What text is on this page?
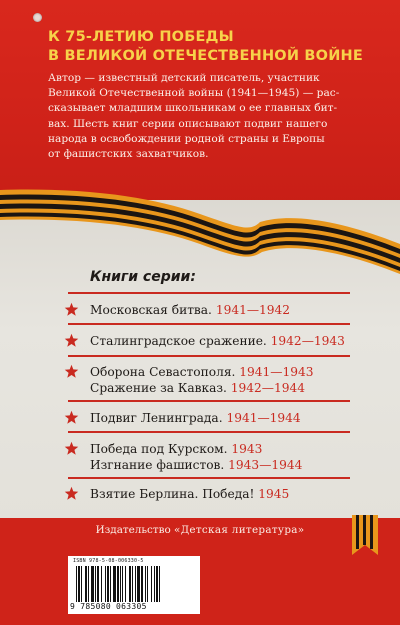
К 75-ЛЕТИЮ ПОБЕДЫ
В ВЕЛИКОЙ ОТЕЧЕСТВЕННОЙ ВОЙНЕ
Автор — известный детский писатель, участник
Великой Отечественной войны (1941—1945) — рас-
сказывает младшим школьникам о ее главных бит-
вах. Шесть книг серии описывают подвиг нашего
народа в освобождении родной страны и Европы
от фашистских захватчиков.
Книги серии:
Московская битва. 1941—1942
Сталинградское сражение. 1942—1943
Оборона Севастополя. 1941—1943
Сражение за Кавказ. 1942—1944
Подвиг Ленинграда. 1941—1944
Победа под Курском. 1943
Изгнание фашистов. 1943—1944
Взятие Берлина. Победа! 1945
Издательство «Детская литература»
ISBN 978-5-08-006330-5
9 785080 063305
